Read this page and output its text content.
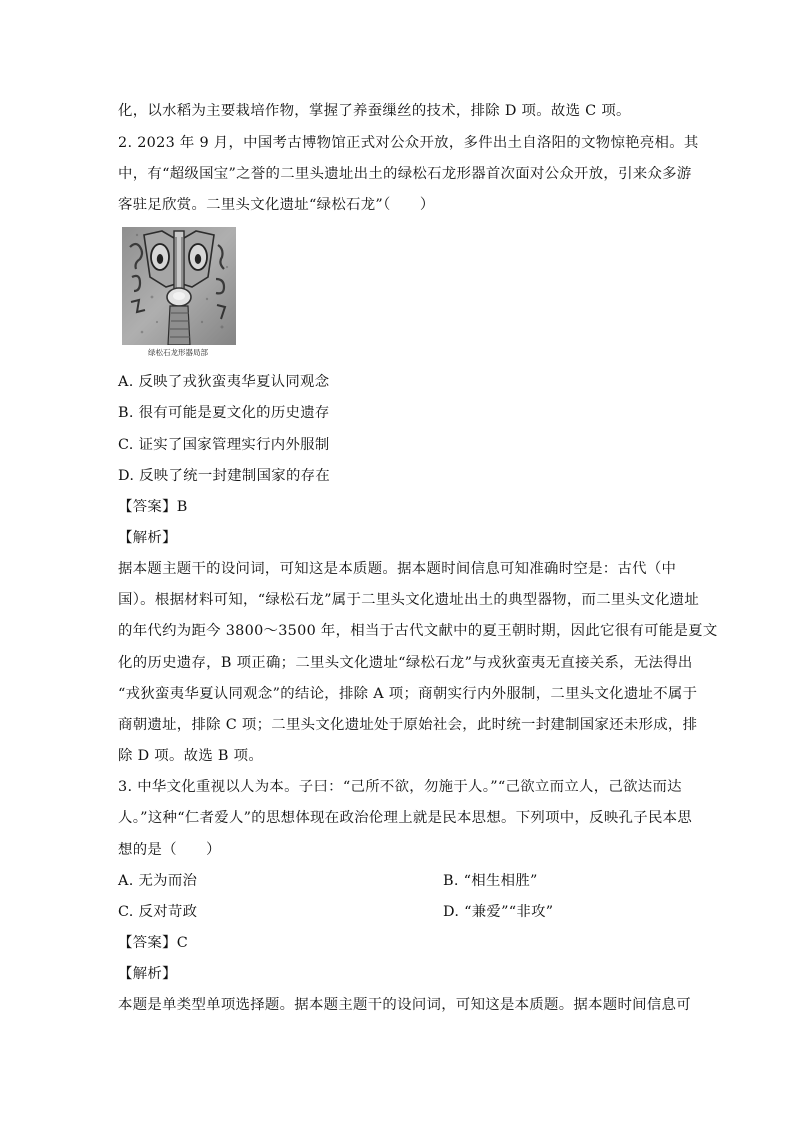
化，以水稻为主要栽培作物，掌握了养蚕缫丝的技术，排除 D 项。故选 C 项。
2. 2023 年 9 月，中国考古博物馆正式对公众开放，多件出土自洛阳的文物惊艳亮相。其
中，有“超级国宝”之誉的二里头遗址出土的绿松石龙形器首次面对公众开放，引来众多游
客驻足欣赏。二里头文化遗址“绿松石龙”（　　）
绿松石龙形器局部
A. 反映了戎狄蛮夷华夏认同观念
B. 很有可能是夏文化的历史遗存
C. 证实了国家管理实行内外服制
D. 反映了统一封建制国家的存在
【答案】B
【解析】
据本题主题干的设问词，可知这是本质题。据本题时间信息可知准确时空是：古代（中
国）。根据材料可知，“绿松石龙”属于二里头文化遗址出土的典型器物，而二里头文化遗址
的年代约为距今 3800～3500 年，相当于古代文献中的夏王朝时期，因此它很有可能是夏文
化的历史遗存，B 项正确；二里头文化遗址“绿松石龙”与戎狄蛮夷无直接关系，无法得出
“戎狄蛮夷华夏认同观念”的结论，排除 A 项；商朝实行内外服制，二里头文化遗址不属于
商朝遗址，排除 C 项；二里头文化遗址处于原始社会，此时统一封建制国家还未形成，排
除 D 项。故选 B 项。
3. 中华文化重视以人为本。子曰：“己所不欲，勿施于人。”“己欲立而立人，己欲达而达
人。”这种“仁者爱人”的思想体现在政治伦理上就是民本思想。下列项中，反映孔子民本思
想的是（　　）
A. 无为而治	B. “相生相胜”
C. 反对苛政	D. “兼爱”“非攻”
【答案】C
【解析】
本题是单类型单项选择题。据本题主题干的设问词，可知这是本质题。据本题时间信息可
